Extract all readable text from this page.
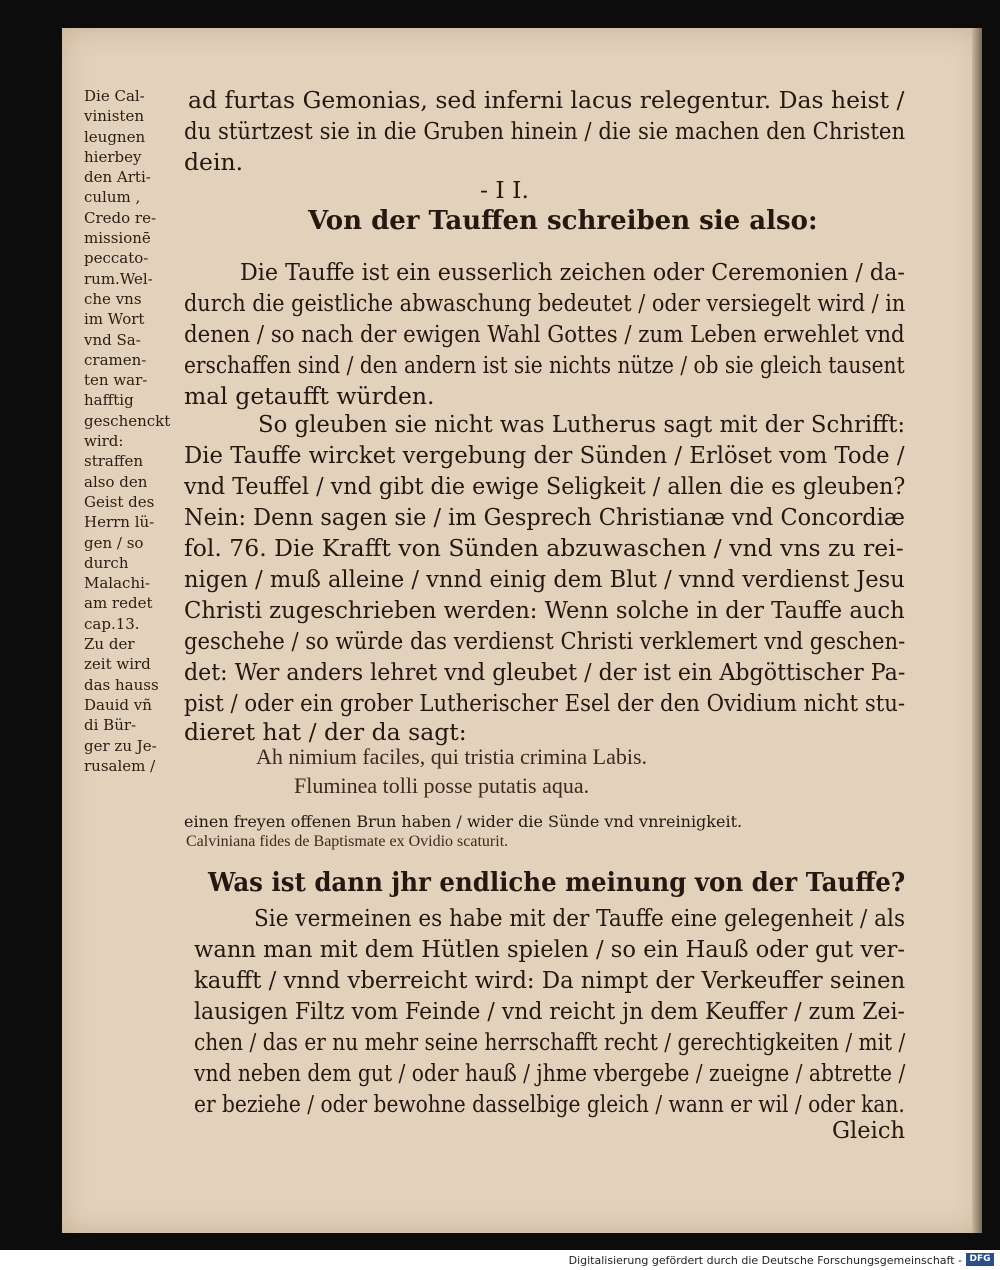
Die Cal-
vinisten
leugnen
hierbey
den Arti-
culum ,
Credo re-
missionē
peccato-
rum.Wel-
che vns
im Wort
vnd Sa-
cramen-
ten war-
hafftig
geschenckt
wird:
straffen
also den
Geist des
Herrn lü-
gen / so
durch
Malachi-
am redet
cap.13.
Zu der
zeit wird
das hauss
Dauid vñ
di Bür-
ger zu Je-
rusalem /
ad furtas Gemonias, sed inferni lacus relegentur. Das heist /
du stürtzest sie in die Gruben hinein / die sie machen den Christen
dein.
- I I.
Von der Tauffen schreiben sie also:
Die Tauffe ist ein eusserlich zeichen oder Ceremonien / da-
durch die geistliche abwaschung bedeutet / oder versiegelt wird / in
denen / so nach der ewigen Wahl Gottes / zum Leben erwehlet vnd
erschaffen sind / den andern ist sie nichts nütze / ob sie gleich tausent
mal getaufft würden.
So gleuben sie nicht was Lutherus sagt mit der Schrifft:
Die Tauffe wircket vergebung der Sünden / Erlöset vom Tode /
vnd Teuffel / vnd gibt die ewige Seligkeit / allen die es gleuben?
Nein: Denn sagen sie / im Gesprech Christianæ vnd Concordiæ
fol. 76. Die Krafft von Sünden abzuwaschen / vnd vns zu rei-
nigen / muß alleine / vnnd einig dem Blut / vnnd verdienst Jesu
Christi zugeschrieben werden: Wenn solche in der Tauffe auch
geschehe / so würde das verdienst Christi verklemert vnd geschen-
det: Wer anders lehret vnd gleubet / der ist ein Abgöttischer Pa-
pist / oder ein grober Lutherischer Esel der den Ovidium nicht stu-
dieret hat / der da sagt:
Ah nimium faciles, qui tristia crimina Labis.
Fluminea tolli posse putatis aqua.
einen freyen offenen Brun haben / wider die Sünde vnd vnreinigkeit.
Calviniana fides de Baptismate ex Ovidio scaturit.
Was ist dann jhr endliche meinung von der Tauffe?
Sie vermeinen es habe mit der Tauffe eine gelegenheit / als
wann man mit dem Hütlen spielen / so ein Hauß oder gut ver-
kaufft / vnnd vberreicht wird: Da nimpt der Verkeuffer seinen
lausigen Filtz vom Feinde / vnd reicht jn dem Keuffer / zum Zei-
chen / das er nu mehr seine herrschafft recht / gerechtigkeiten / mit /
vnd neben dem gut / oder hauß / jhme vbergebe / zueigne / abtrette /
er beziehe / oder bewohne dasselbige gleich / wann er wil / oder kan.
Gleich
Digitalisierung gefördert durch die Deutsche Forschungsgemeinschaft - DFG
